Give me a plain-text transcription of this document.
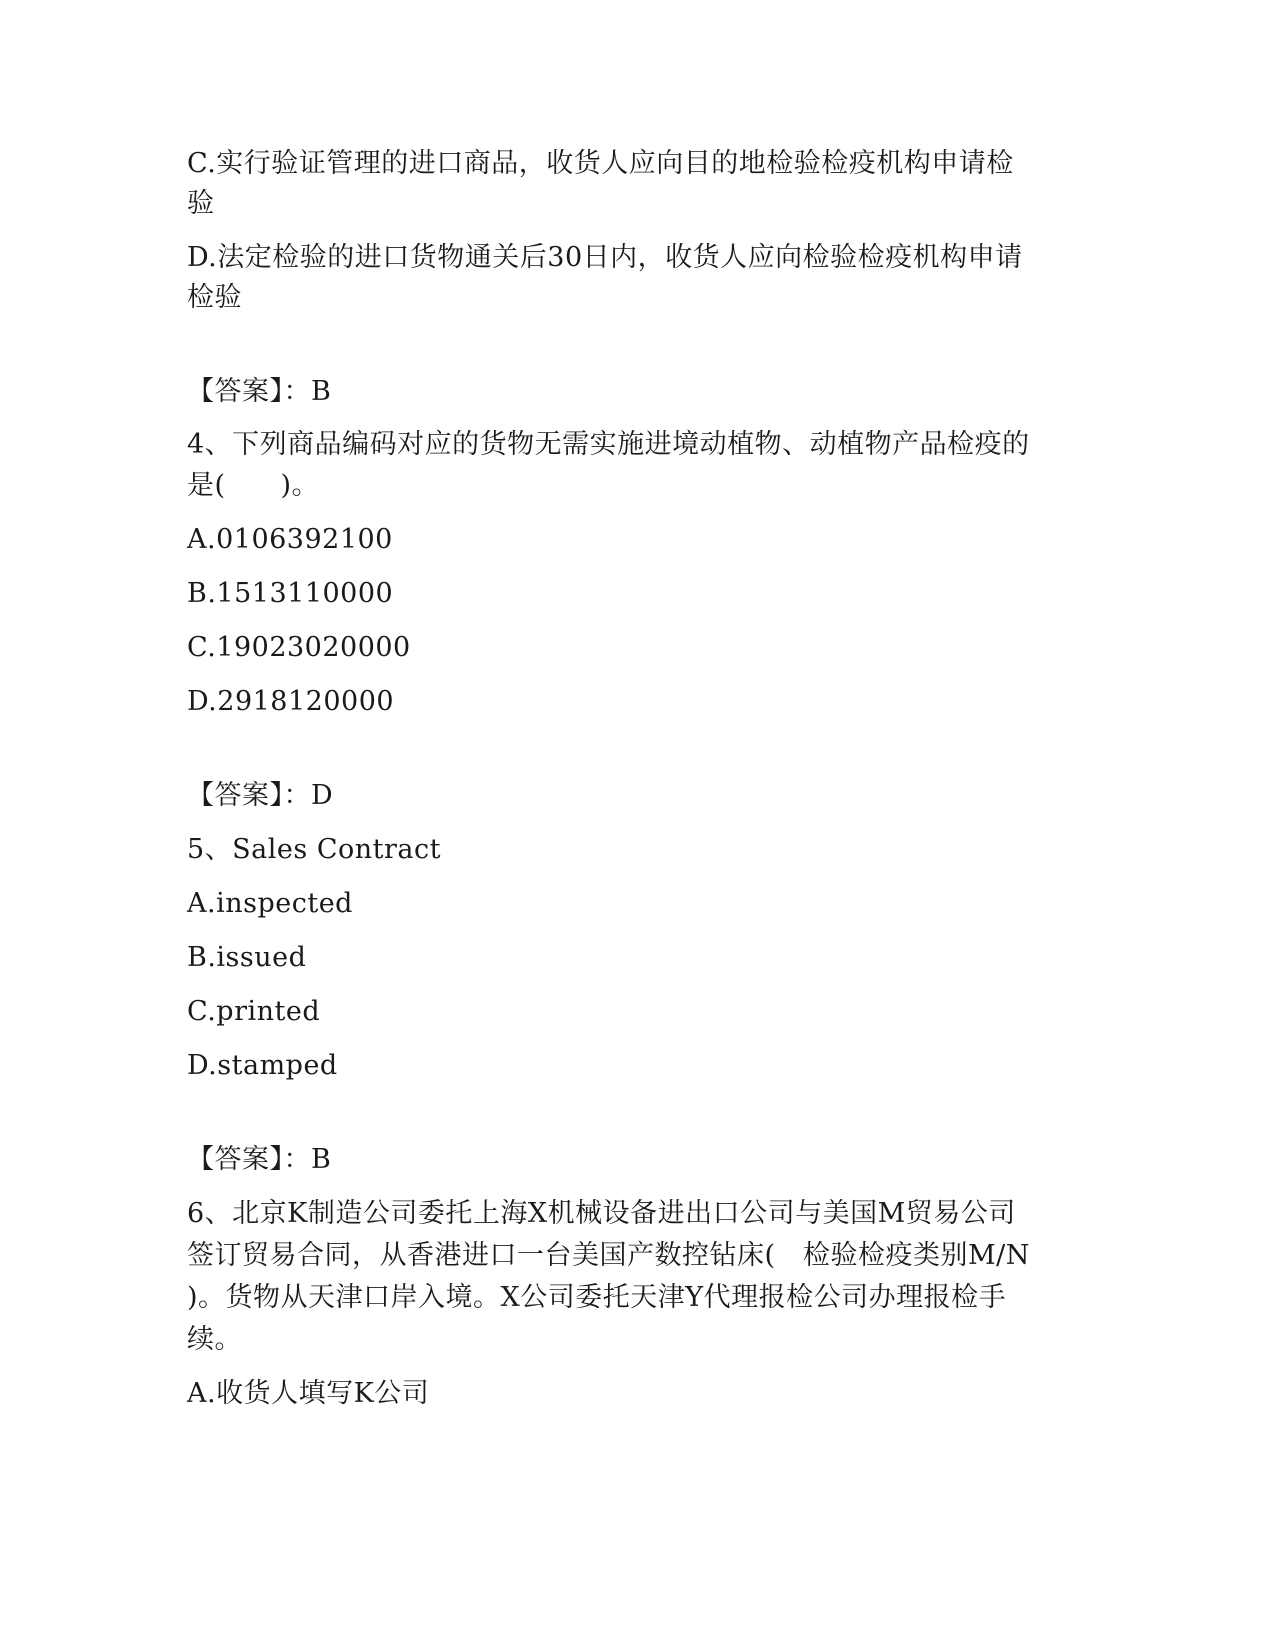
C.实行验证管理的进口商品，收货人应向目的地检验检疫机构申请检
验
D.法定检验的进口货物通关后30日内，收货人应向检验检疫机构申请
检验
【答案】：B
4、下列商品编码对应的货物无需实施进境动植物、动植物产品检疫的
是(　　)。
A.0106392100
B.1513110000
C.19023020000
D.2918120000
【答案】：D
5、Sales Contract
A.inspected
B.issued
C.printed
D.stamped
【答案】：B
6、北京K制造公司委托上海X机械设备进出口公司与美国M贸易公司
签订贸易合同，从香港进口一台美国产数控钻床(　检验检疫类别M/N
)。货物从天津口岸入境。X公司委托天津Y代理报检公司办理报检手
续。
A.收货人填写K公司
